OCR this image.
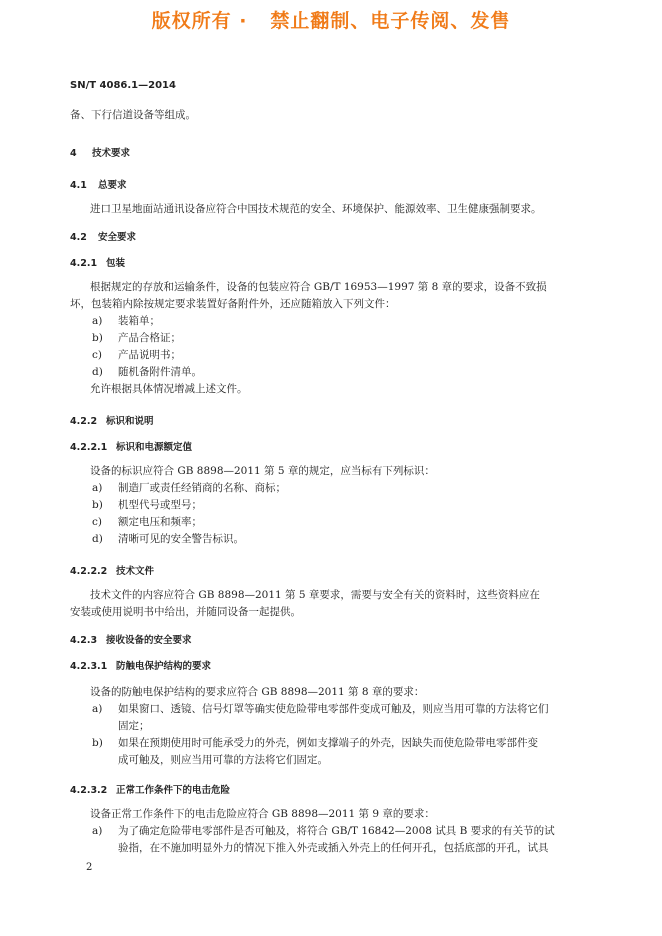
版权所有 ·   禁止翻制、电子传阅、发售
SN/T 4086.1—2014
备、下行信道设备等组成。
4 技术要求
4.1 总要求
进口卫星地面站通讯设备应符合中国技术规范的安全、环境保护、能源效率、卫生健康强制要求。
4.2 安全要求
4.2.1 包装
根据规定的存放和运输条件，设备的包装应符合 GB/T 16953—1997 第 8 章的要求，设备不致损
坏，包装箱内除按规定要求装置好备附件外，还应随箱放入下列文件：
a) 装箱单；
b) 产品合格证；
c) 产品说明书；
d) 随机备附件清单。
允许根据具体情况增减上述文件。
4.2.2 标识和说明
4.2.2.1 标识和电源额定值
设备的标识应符合 GB 8898—2011 第 5 章的规定，应当标有下列标识：
a) 制造厂或责任经销商的名称、商标；
b) 机型代号或型号；
c) 额定电压和频率；
d) 清晰可见的安全警告标识。
4.2.2.2 技术文件
技术文件的内容应符合 GB 8898—2011 第 5 章要求，需要与安全有关的资料时，这些资料应在
安装或使用说明书中给出，并随同设备一起提供。
4.2.3 接收设备的安全要求
4.2.3.1 防触电保护结构的要求
设备的防触电保护结构的要求应符合 GB 8898—2011 第 8 章的要求：
a) 如果窗口、透镜、信号灯罩等确实使危险带电零部件变成可触及，则应当用可靠的方法将它们
固定；
b) 如果在预期使用时可能承受力的外壳，例如支撑端子的外壳，因缺失而使危险带电零部件变
成可触及，则应当用可靠的方法将它们固定。
4.2.3.2 正常工作条件下的电击危险
设备正常工作条件下的电击危险应符合 GB 8898—2011 第 9 章的要求：
a) 为了确定危险带电零部件是否可触及，将符合 GB/T 16842—2008 试具 B 要求的有关节的试
验指，在不施加明显外力的情况下推入外壳或插入外壳上的任何开孔，包括底部的开孔，试具
2
